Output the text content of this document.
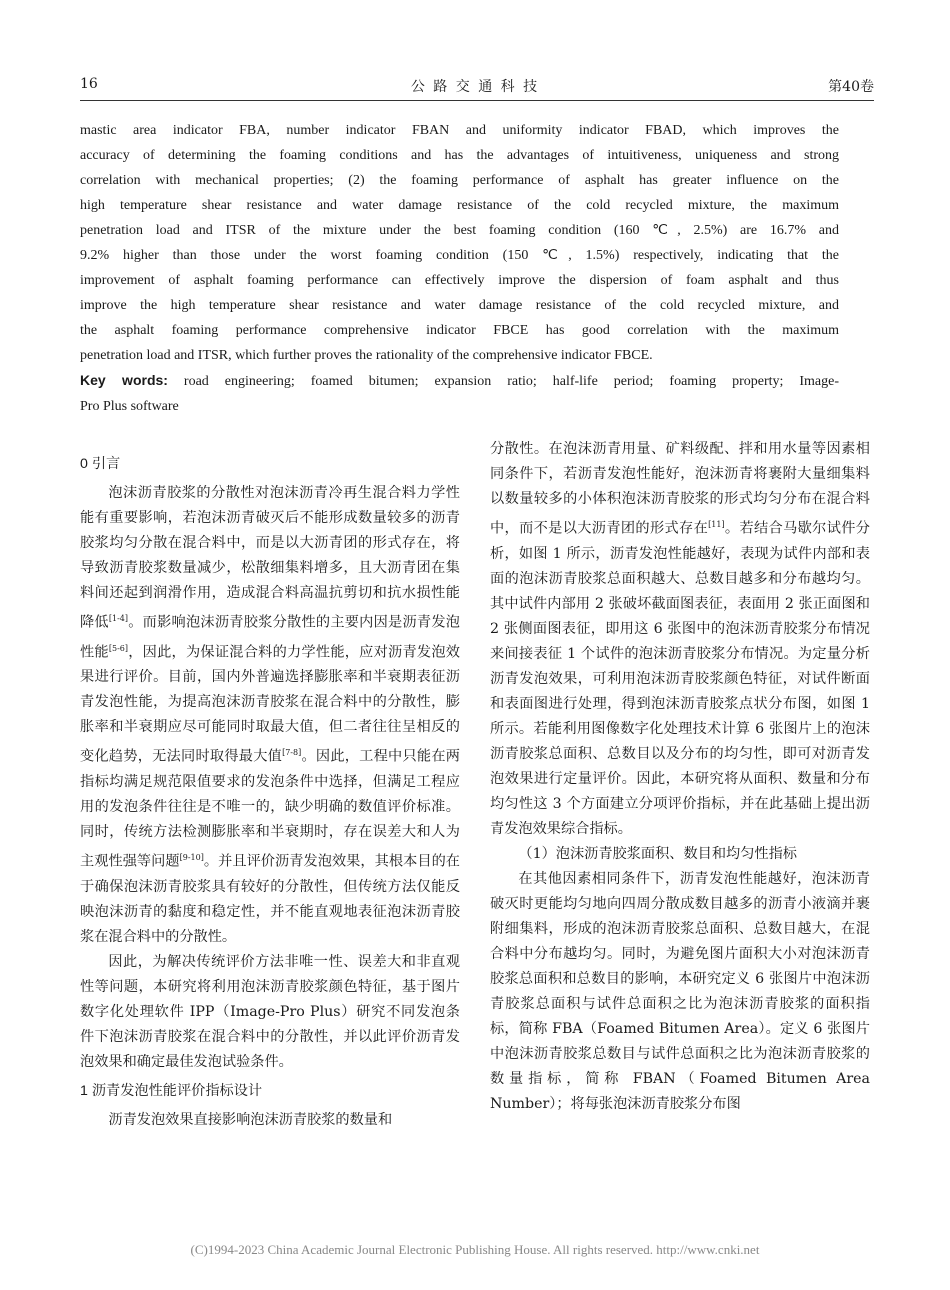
16	公 路 交 通 科 技	第40卷
mastic area indicator FBA, number indicator FBAN and uniformity indicator FBAD, which improves the
accuracy of determining the foaming conditions and has the advantages of intuitiveness, uniqueness and strong
correlation with mechanical properties; (2) the foaming performance of asphalt has greater influence on the
high temperature shear resistance and water damage resistance of the cold recycled mixture, the maximum
penetration load and ITSR of the mixture under the best foaming condition (160 ℃, 2.5%) are 16.7% and
9.2% higher than those under the worst foaming condition (150 ℃, 1.5%) respectively, indicating that the
improvement of asphalt foaming performance can effectively improve the dispersion of foam asphalt and thus
improve the high temperature shear resistance and water damage resistance of the cold recycled mixture, and
the asphalt foaming performance comprehensive indicator FBCE has good correlation with the maximum
penetration load and ITSR, which further proves the rationality of the comprehensive indicator FBCE.
Key words: road engineering; foamed bitumen; expansion ratio; half-life period; foaming property; Image-
Pro Plus software
0 引言

泡沫沥青胶浆的分散性对泡沫沥青冷再生混合料力学性能有重要影响，若泡沫沥青破灭后不能形成数量较多的沥青胶浆均匀分散在混合料中，而是以大沥青团的形式存在，将导致沥青胶浆数量减少，松散细集料增多，且大沥青团在集料间还起到润滑作用，造成混合料高温抗剪切和抗水损性能降低[1-4]。而影响泡沫沥青胶浆分散性的主要内因是沥青发泡性能[5-6]，因此，为保证混合料的力学性能，应对沥青发泡效果进行评价。目前，国内外普遍选择膨胀率和半衰期表征沥青发泡性能，为提高泡沫沥青胶浆在混合料中的分散性，膨胀率和半衰期应尽可能同时取最大值，但二者往往呈相反的变化趋势，无法同时取得最大值[7-8]。因此，工程中只能在两指标均满足规范限值要求的发泡条件中选择，但满足工程应用的发泡条件往往是不唯一的，缺少明确的数值评价标准。同时，传统方法检测膨胀率和半衰期时，存在误差大和人为主观性强等问题[9-10]。并且评价沥青发泡效果，其根本目的在于确保泡沫沥青胶浆具有较好的分散性，但传统方法仅能反映泡沫沥青的黏度和稳定性，并不能直观地表征泡沫沥青胶浆在混合料中的分散性。

因此，为解决传统评价方法非唯一性、误差大和非直观性等问题，本研究将利用泡沫沥青胶浆颜色特征，基于图片数字化处理软件 IPP（Image-Pro Plus）研究不同发泡条件下泡沫沥青胶浆在混合料中的分散性，并以此评价沥青发泡效果和确定最佳发泡试验条件。

1 沥青发泡性能评价指标设计

沥青发泡效果直接影响泡沫沥青胶浆的数量和

分散性。在泡沫沥青用量、矿料级配、拌和用水量等因素相同条件下，若沥青发泡性能好，泡沫沥青将裹附大量细集料以数量较多的小体积泡沫沥青胶浆的形式均匀分布在混合料中，而不是以大沥青团的形式存在[11]。若结合马歇尔试件分析，如图 1 所示，沥青发泡性能越好，表现为试件内部和表面的泡沫沥青胶浆总面积越大、总数目越多和分布越均匀。其中试件内部用 2 张破坏截面图表征，表面用 2 张正面图和 2 张侧面图表征，即用这 6 张图中的泡沫沥青胶浆分布情况来间接表征 1 个试件的泡沫沥青胶浆分布情况。为定量分析沥青发泡效果，可利用泡沫沥青胶浆颜色特征，对试件断面和表面图进行处理，得到泡沫沥青胶浆点状分布图，如图 1 所示。若能利用图像数字化处理技术计算 6 张图片上的泡沫沥青胶浆总面积、总数目以及分布的均匀性，即可对沥青发泡效果进行定量评价。因此，本研究将从面积、数量和分布均匀性这 3 个方面建立分项评价指标，并在此基础上提出沥青发泡效果综合指标。

（1）泡沫沥青胶浆面积、数目和均匀性指标

在其他因素相同条件下，沥青发泡性能越好，泡沫沥青破灭时更能均匀地向四周分散成数目越多的沥青小液滴并裹附细集料，形成的泡沫沥青胶浆总面积、总数目越大，在混合料中分布越均匀。同时，为避免图片面积大小对泡沫沥青胶浆总面积和总数目的影响，本研究定义 6 张图片中泡沫沥青胶浆总面积与试件总面积之比为泡沫沥青胶浆的面积指标，简称 FBA（Foamed Bitumen Area）。定义 6 张图片中泡沫沥青胶浆总数目与试件总面积之比为泡沫沥青胶浆的数量指标，简称 FBAN（Foamed Bitumen Area Number）；将每张泡沫沥青胶浆分布图

(C)1994-2023 China Academic Journal Electronic Publishing House. All rights reserved. http://www.cnki.net
